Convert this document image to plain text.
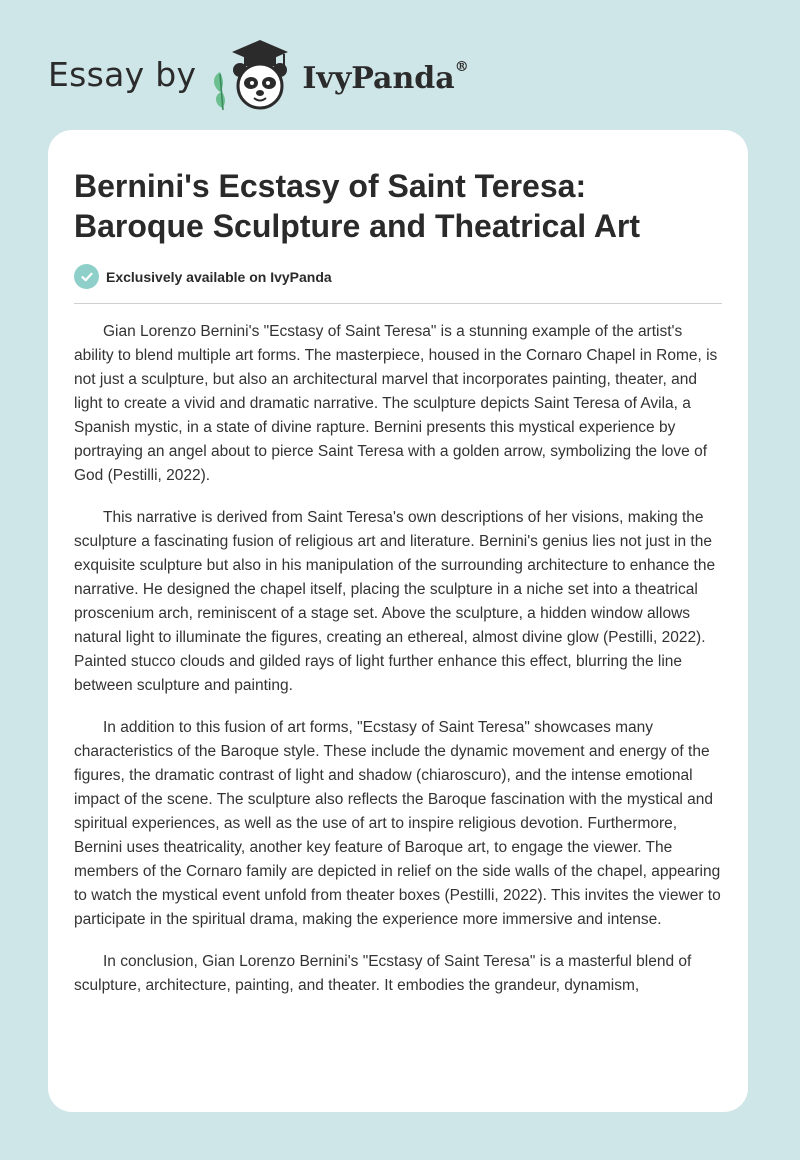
Essay by	IvyPanda®
Bernini's Ecstasy of Saint Teresa: Baroque Sculpture and Theatrical Art
Exclusively available on IvyPanda

Gian Lorenzo Bernini's "Ecstasy of Saint Teresa" is a stunning example of the artist's ability to blend multiple art forms. The masterpiece, housed in the Cornaro Chapel in Rome, is not just a sculpture, but also an architectural marvel that incorporates painting, theater, and light to create a vivid and dramatic narrative. The sculpture depicts Saint Teresa of Avila, a Spanish mystic, in a state of divine rapture. Bernini presents this mystical experience by portraying an angel about to pierce Saint Teresa with a golden arrow, symbolizing the love of God (Pestilli, 2022).

This narrative is derived from Saint Teresa's own descriptions of her visions, making the sculpture a fascinating fusion of religious art and literature. Bernini's genius lies not just in the exquisite sculpture but also in his manipulation of the surrounding architecture to enhance the narrative. He designed the chapel itself, placing the sculpture in a niche set into a theatrical proscenium arch, reminiscent of a stage set. Above the sculpture, a hidden window allows natural light to illuminate the figures, creating an ethereal, almost divine glow (Pestilli, 2022). Painted stucco clouds and gilded rays of light further enhance this effect, blurring the line between sculpture and painting.

In addition to this fusion of art forms, "Ecstasy of Saint Teresa" showcases many characteristics of the Baroque style. These include the dynamic movement and energy of the figures, the dramatic contrast of light and shadow (chiaroscuro), and the intense emotional impact of the scene. The sculpture also reflects the Baroque fascination with the mystical and spiritual experiences, as well as the use of art to inspire religious devotion. Furthermore, Bernini uses theatricality, another key feature of Baroque art, to engage the viewer. The members of the Cornaro family are depicted in relief on the side walls of the chapel, appearing to watch the mystical event unfold from theater boxes (Pestilli, 2022). This invites the viewer to participate in the spiritual drama, making the experience more immersive and intense.

In conclusion, Gian Lorenzo Bernini's "Ecstasy of Saint Teresa" is a masterful blend of sculpture, architecture, painting, and theater. It embodies the grandeur, dynamism,
